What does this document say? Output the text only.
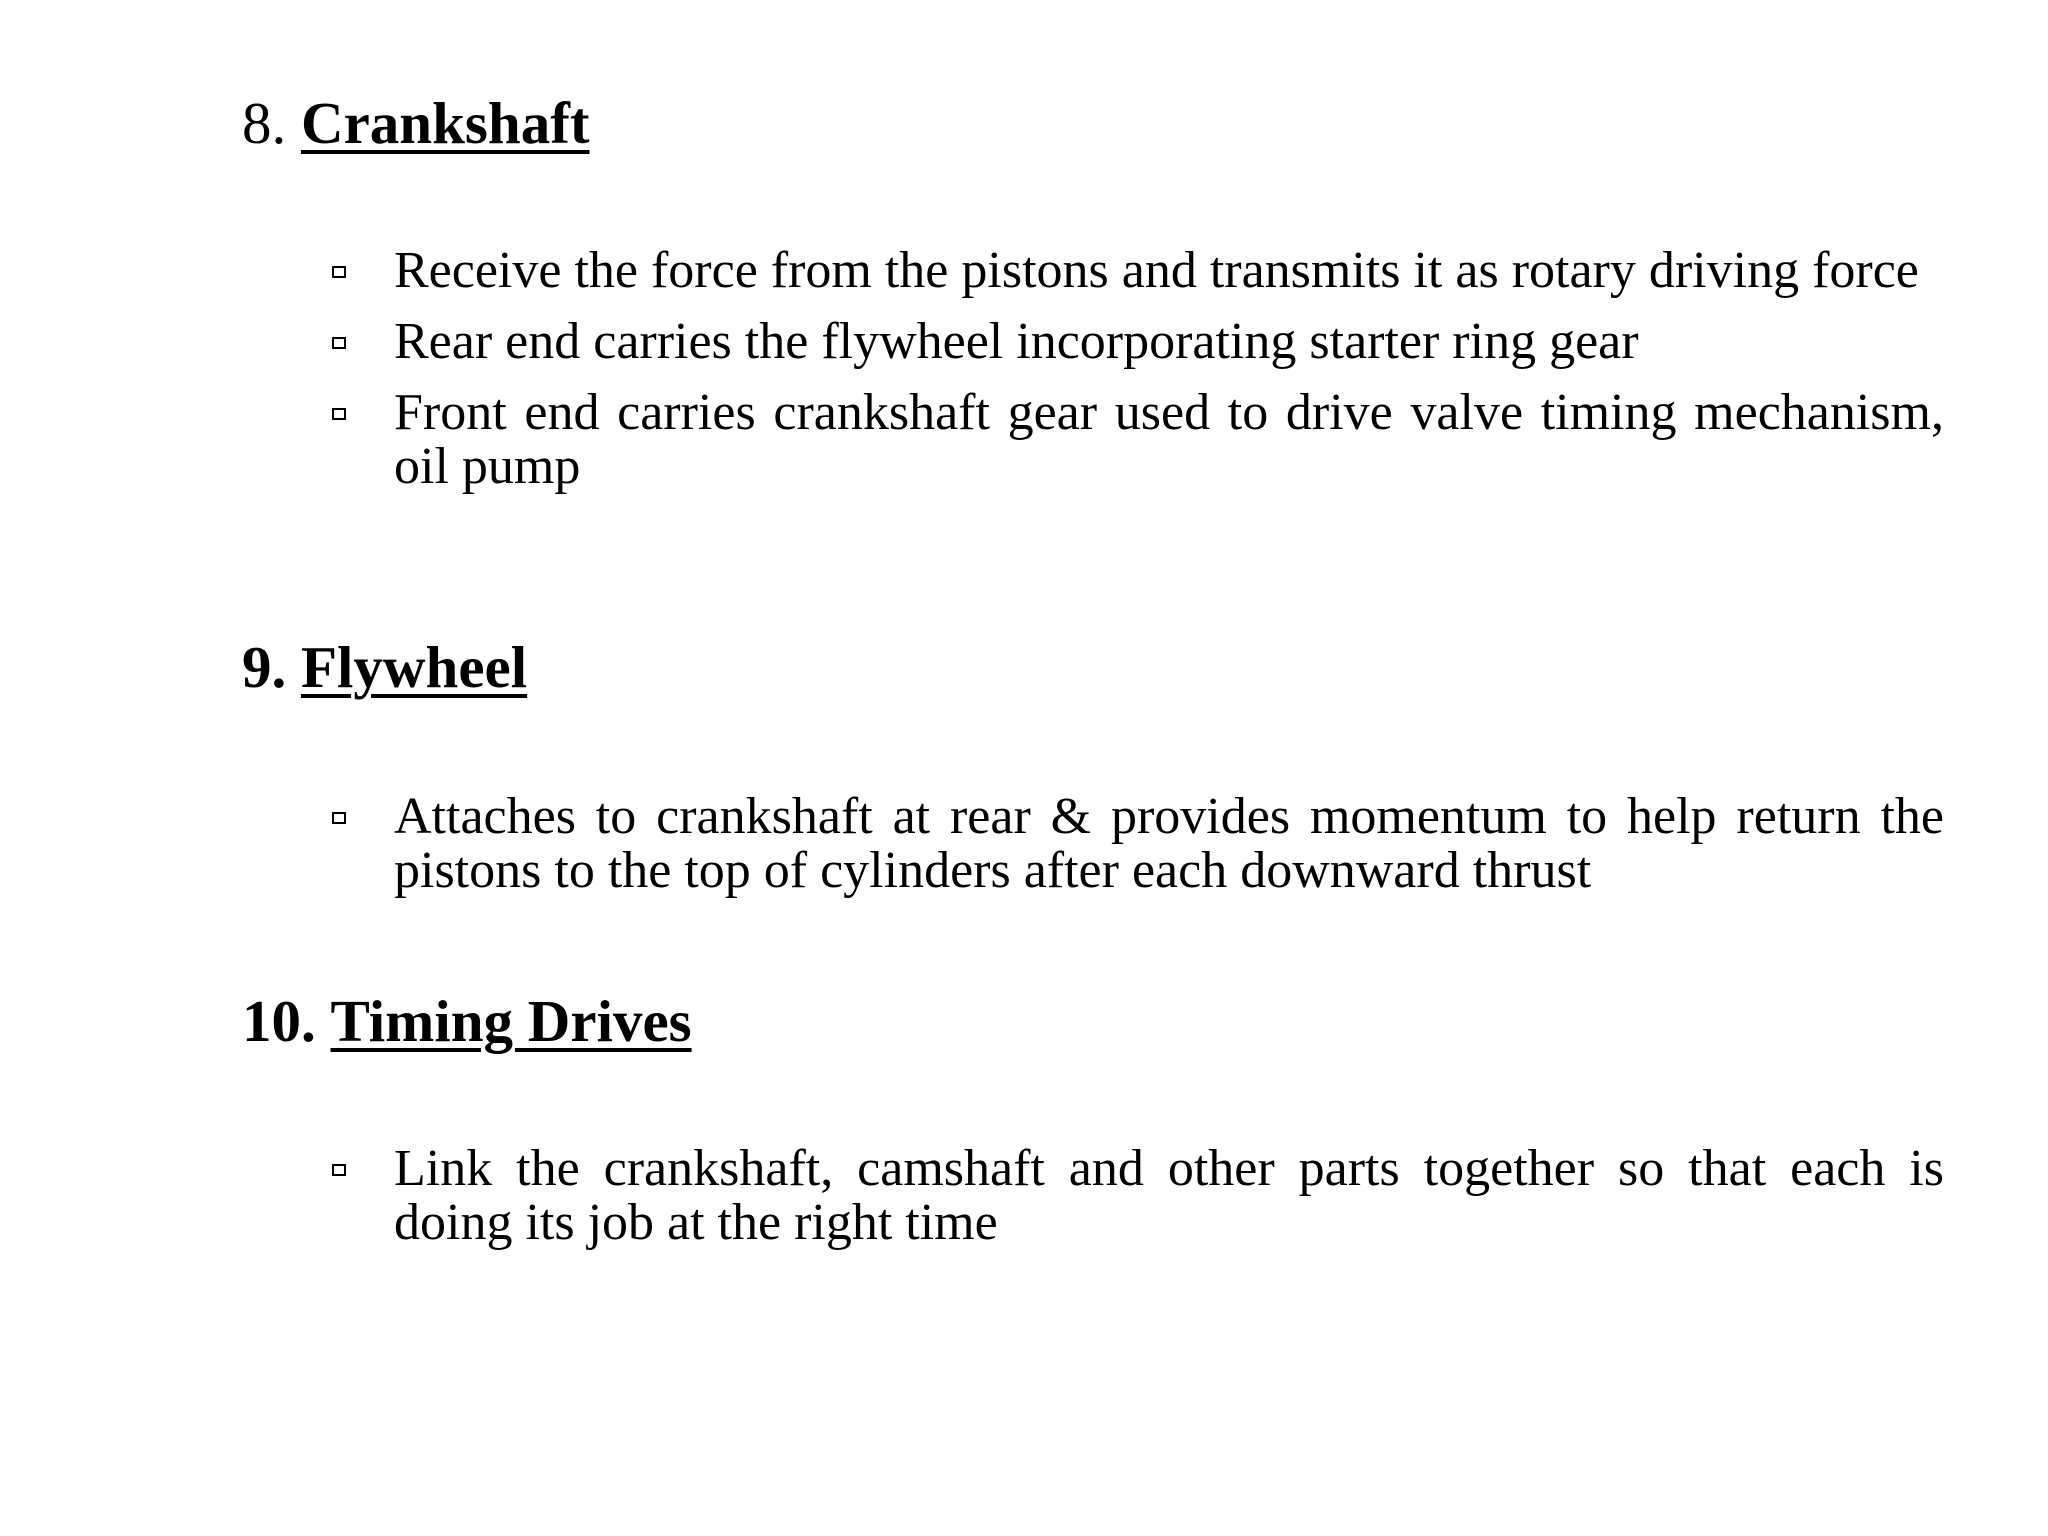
8. Crankshaft
Receive the force from the pistons and transmits it as rotary driving force
Rear end carries the flywheel incorporating starter ring gear
Front end carries crankshaft gear used to drive valve timing mechanism, oil pump
9. Flywheel
Attaches to crankshaft at rear & provides momentum to help return the pistons to the top of cylinders after each downward thrust
10. Timing Drives
Link the crankshaft, camshaft and other parts together so that each is doing its job at the right time
